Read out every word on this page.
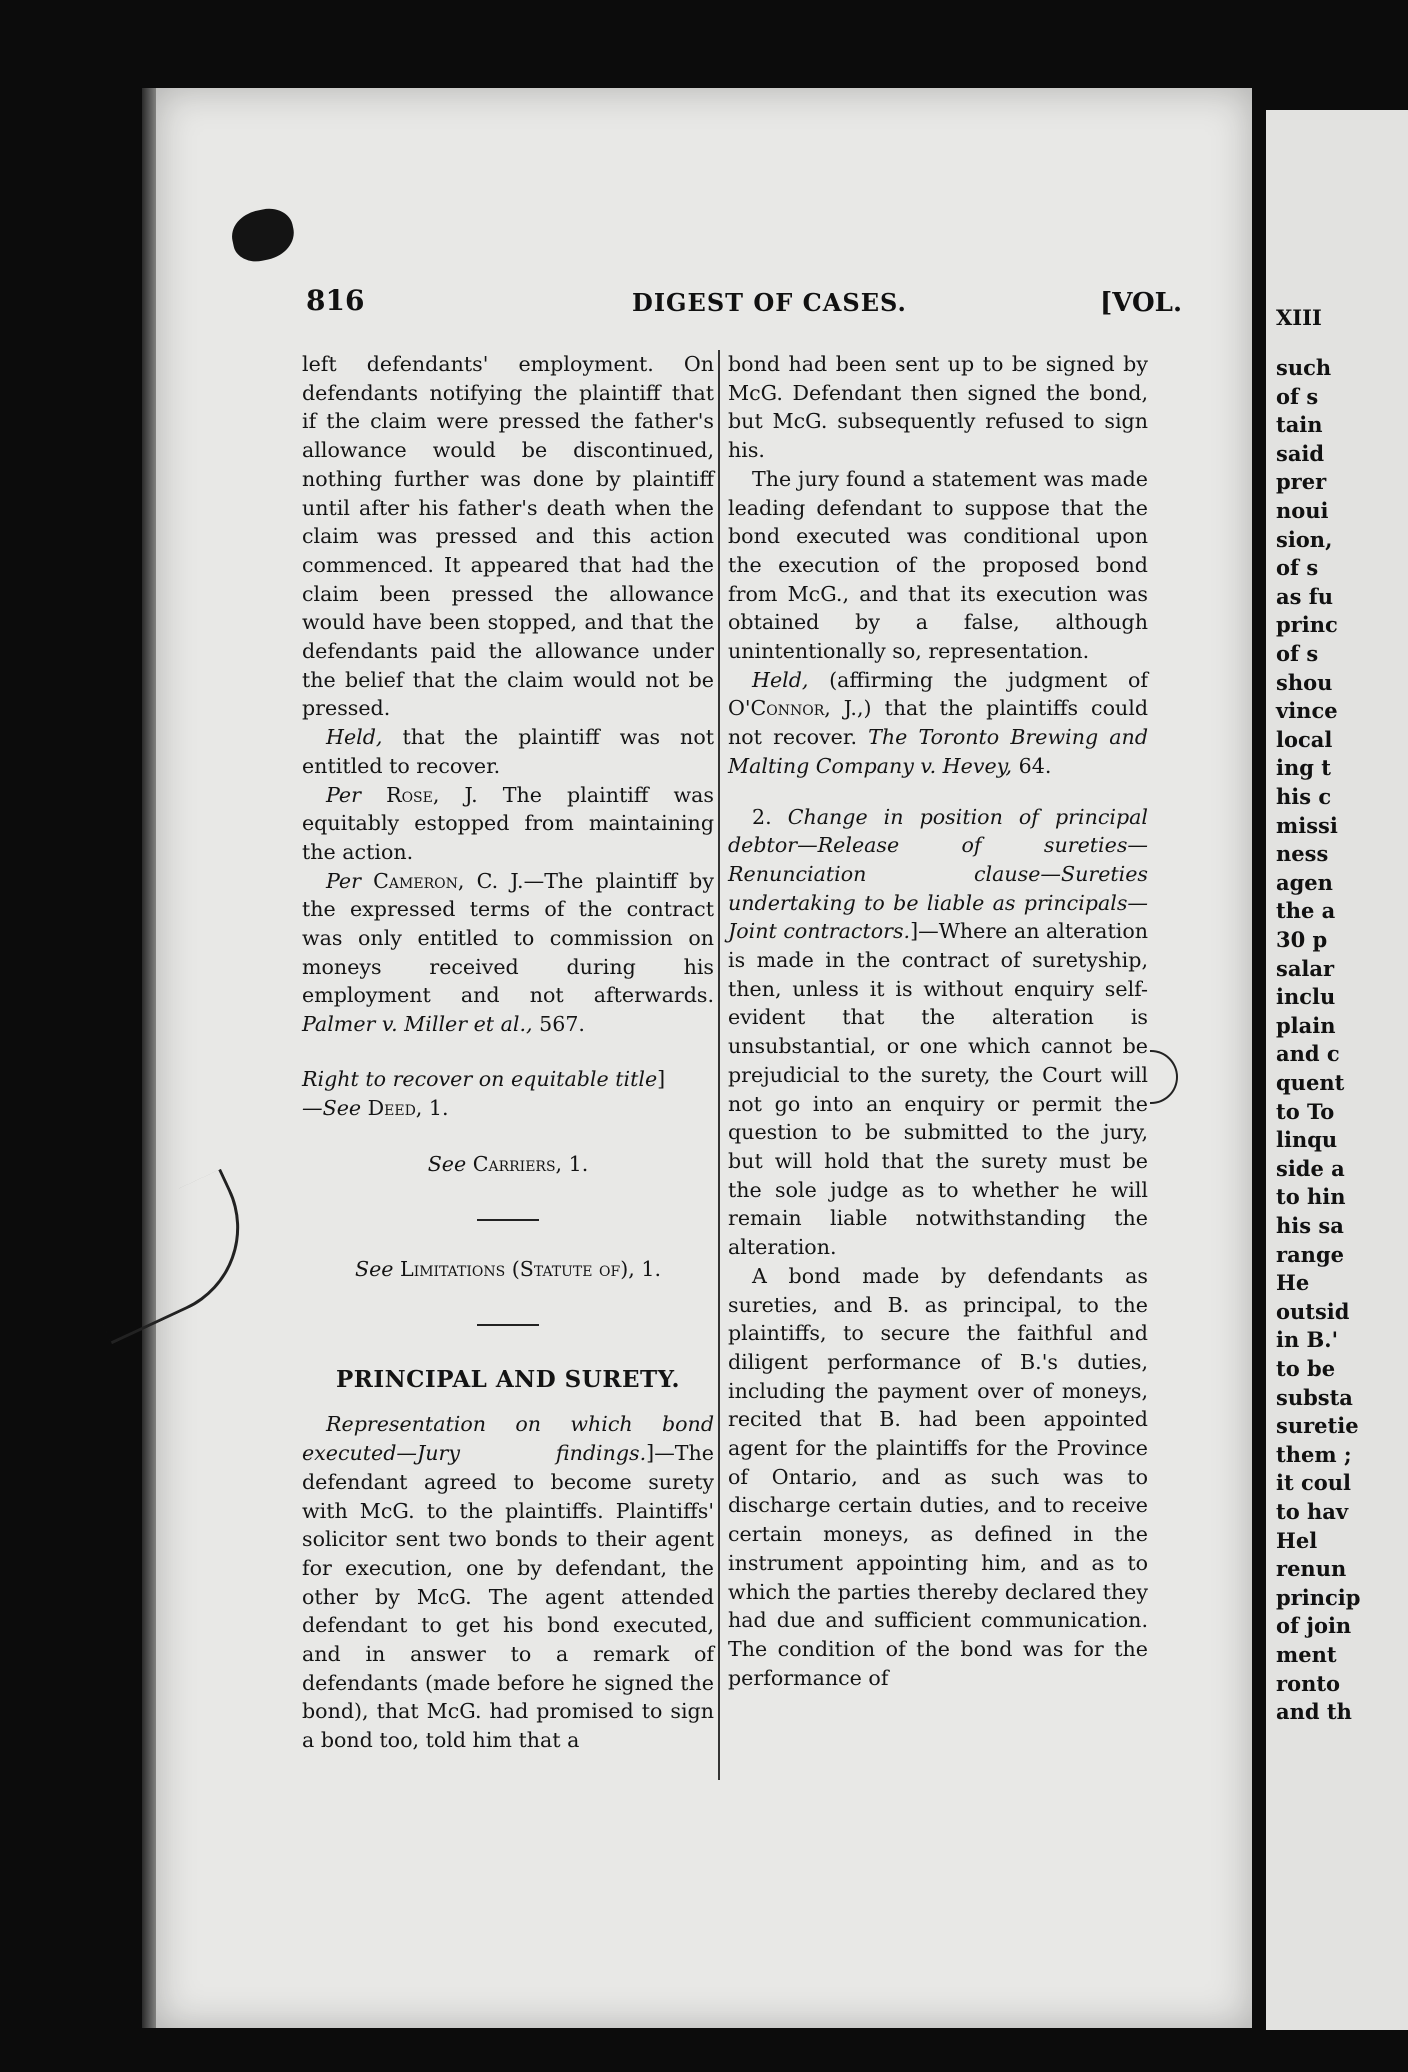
XIII
such
of s
tain
said
prer
noui
sion,
of s
as fu
princ
of s
shou
vince
local
ing t
his c
missi
ness
agen
the a
30 p
salar
inclu
plain
and c
quent
to To
linqu
side a
to hin
his sa
range
He
outsid
in B.'
to be
substa
suretie
them ;
it coul
to hav
Hel
renun
princip
of join
ment
ronto
and th
816	DIGEST OF CASES.	[VOL.

left defendants' employment. On defendants notifying the plaintiff that if the claim were pressed the father's allowance would be discontinued, nothing further was done by plaintiff until after his father's death when the claim was pressed and this action commenced. It appeared that had the claim been pressed the allowance would have been stopped, and that the defendants paid the allowance under the belief that the claim would not be pressed.

Held, that the plaintiff was not entitled to recover.

Per Rose, J. The plaintiff was equitably estopped from maintaining the action.

Per Cameron, C. J.—The plaintiff by the expressed terms of the contract was only entitled to commission on moneys received during his employment and not afterwards. Palmer v. Miller et al., 567.

Right to recover on equitable title]
—See Deed, 1.

See Carriers, 1.

See Limitations (Statute of), 1.

PRINCIPAL AND SURETY.

Representation on which bond executed—Jury findings.]—The defendant agreed to become surety with McG. to the plaintiffs. Plaintiffs' solicitor sent two bonds to their agent for execution, one by defendant, the other by McG. The agent attended defendant to get his bond executed, and in answer to a remark of defendants (made before he signed the bond), that McG. had promised to sign a bond too, told him that a

bond had been sent up to be signed by McG. Defendant then signed the bond, but McG. subsequently refused to sign his.

The jury found a statement was made leading defendant to suppose that the bond executed was conditional upon the execution of the proposed bond from McG., and that its execution was obtained by a false, although unintentionally so, representation.

Held, (affirming the judgment of O'Connor, J.,) that the plaintiffs could not recover. The Toronto Brewing and Malting Company v. Hevey, 64.

2. Change in position of principal debtor—Release of sureties—Renunciation clause—Sureties undertaking to be liable as principals—Joint contractors.]—Where an alteration is made in the contract of suretyship, then, unless it is without enquiry self-evident that the alteration is unsubstantial, or one which cannot be prejudicial to the surety, the Court will not go into an enquiry or permit the question to be submitted to the jury, but will hold that the surety must be the sole judge as to whether he will remain liable notwithstanding the alteration.

A bond made by defendants as sureties, and B. as principal, to the plaintiffs, to secure the faithful and diligent performance of B.'s duties, including the payment over of moneys, recited that B. had been appointed agent for the plaintiffs for the Province of Ontario, and as such was to discharge certain duties, and to receive certain moneys, as defined in the instrument appointing him, and as to which the parties thereby declared they had due and sufficient communication. The condition of the bond was for the performance of
